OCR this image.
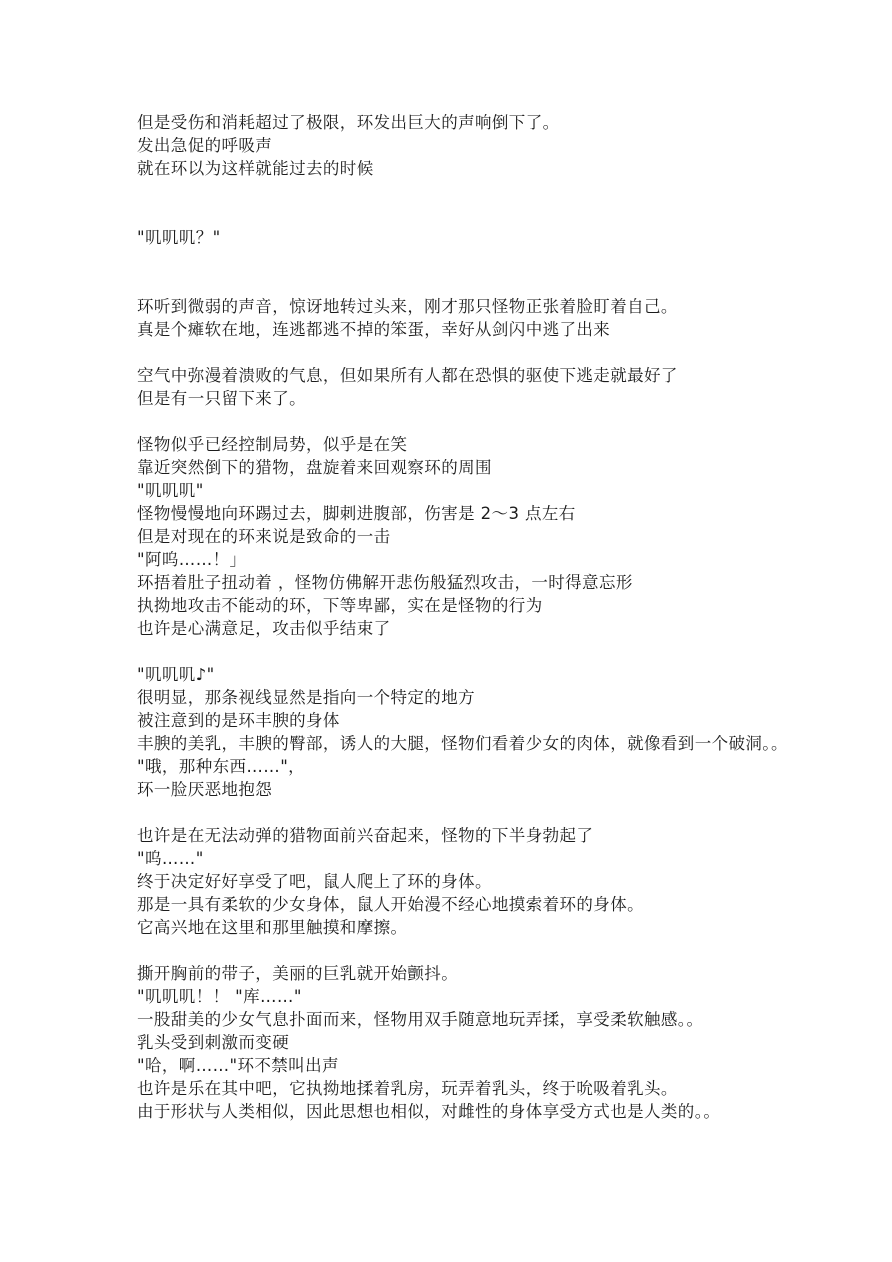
但是受伤和消耗超过了极限，环发出巨大的声响倒下了。
发出急促的呼吸声
就在环以为这样就能过去的时候
"叽叽叽？"
环听到微弱的声音，惊讶地转过头来，刚才那只怪物正张着脸盯着自己。
真是个瘫软在地，连逃都逃不掉的笨蛋，幸好从剑闪中逃了出来
空气中弥漫着溃败的气息，但如果所有人都在恐惧的驱使下逃走就最好了
但是有一只留下来了。
怪物似乎已经控制局势，似乎是在笑
靠近突然倒下的猎物，盘旋着来回观察环的周围
"叽叽叽"
怪物慢慢地向环踢过去，脚刺进腹部，伤害是 2～3 点左右
但是对现在的环来说是致命的一击
"阿呜……！」
环捂着肚子扭动着 ，怪物仿佛解开悲伤般猛烈攻击，一时得意忘形
执拗地攻击不能动的环，下等卑鄙，实在是怪物的行为
也许是心满意足，攻击似乎结束了
"叽叽叽♪"
很明显，那条视线显然是指向一个特定的地方
被注意到的是环丰腴的身体
丰腴的美乳，丰腴的臀部，诱人的大腿，怪物们看着少女的肉体，就像看到一个破洞。。
"哦，那种东西……"，
环一脸厌恶地抱怨
也许是在无法动弹的猎物面前兴奋起来，怪物的下半身勃起了
"呜……"
终于决定好好享受了吧，鼠人爬上了环的身体。
那是一具有柔软的少女身体，鼠人开始漫不经心地摸索着环的身体。
它高兴地在这里和那里触摸和摩擦。
撕开胸前的带子，美丽的巨乳就开始颤抖。
"叽叽叽！！ "库……"
一股甜美的少女气息扑面而来，怪物用双手随意地玩弄揉，享受柔软触感。。
乳头受到刺激而变硬
"哈，啊……"环不禁叫出声
也许是乐在其中吧，它执拗地揉着乳房，玩弄着乳头，终于吮吸着乳头。
由于形状与人类相似，因此思想也相似，对雌性的身体享受方式也是人类的。。
